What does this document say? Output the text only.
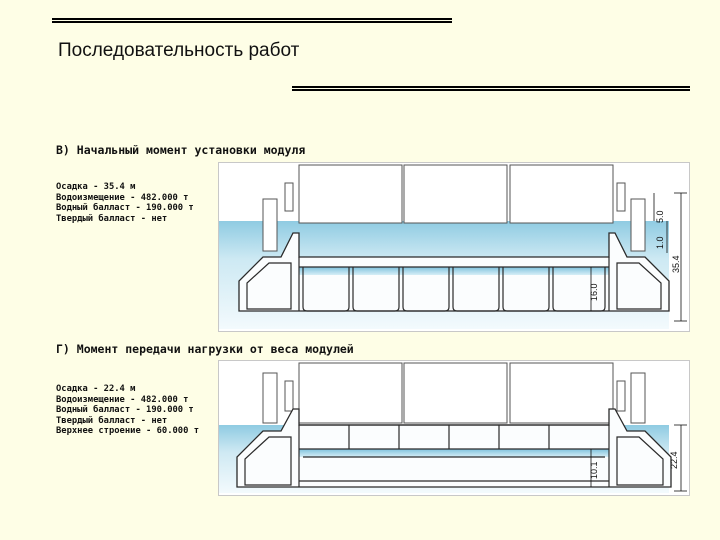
Последовательность работ
В) Начальный момент установки модуля
16.0
5.0
1.0
35.4
Осадка - 35.4 м
Водоизмещение - 482.000 т
Водный балласт - 190.000 т
Твердый балласт - нет
Г) Момент передачи нагрузки от веса модулей
10.1
22.4
Осадка - 22.4 м
Водоизмещение - 482.000 т
Водный балласт - 190.000 т
Твердый балласт - нет
Верхнее строение - 60.000 т
